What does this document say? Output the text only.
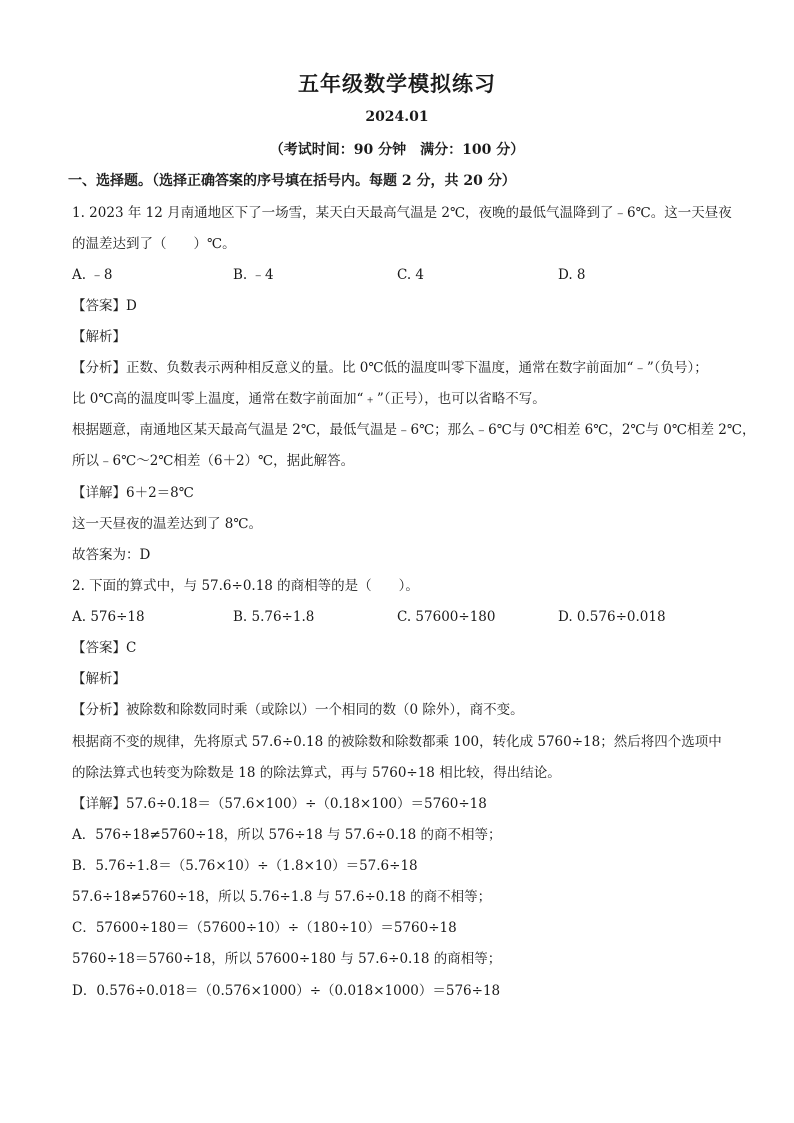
五年级数学模拟练习
2024.01
（考试时间：90 分钟 满分：100 分）
一、选择题。（选择正确答案的序号填在括号内。每题 2 分，共 20 分）
1. 2023 年 12 月南通地区下了一场雪，某天白天最高气温是 2℃，夜晚的最低气温降到了﹣6℃。这一天昼夜
的温差达到了（　　）℃。
A. ﹣8	B. ﹣4	C. 4	D. 8
【答案】D
【解析】
【分析】正数、负数表示两种相反意义的量。比 0℃低的温度叫零下温度，通常在数字前面加“﹣”（负号）；
比 0℃高的温度叫零上温度，通常在数字前面加“﹢”（正号），也可以省略不写。
根据题意，南通地区某天最高气温是 2℃，最低气温是﹣6℃；那么﹣6℃与 0℃相差 6℃，2℃与 0℃相差 2℃，
所以﹣6℃～2℃相差（6＋2）℃，据此解答。
【详解】6＋2＝8℃
这一天昼夜的温差达到了 8℃。
故答案为：D
2. 下面的算式中，与 57.6÷0.18 的商相等的是（　　）。
A. 576÷18	B. 5.76÷1.8	C. 57600÷180	D. 0.576÷0.018
【答案】C
【解析】
【分析】被除数和除数同时乘（或除以）一个相同的数（0 除外），商不变。
根据商不变的规律，先将原式 57.6÷0.18 的被除数和除数都乘 100，转化成 5760÷18；然后将四个选项中
的除法算式也转变为除数是 18 的除法算式，再与 5760÷18 相比较，得出结论。
【详解】57.6÷0.18＝（57.6×100）÷（0.18×100）＝5760÷18
A．576÷18≠5760÷18，所以 576÷18 与 57.6÷0.18 的商不相等；
B．5.76÷1.8＝（5.76×10）÷（1.8×10）＝57.6÷18
57.6÷18≠5760÷18，所以 5.76÷1.8 与 57.6÷0.18 的商不相等；
C．57600÷180＝（57600÷10）÷（180÷10）＝5760÷18
5760÷18＝5760÷18，所以 57600÷180 与 57.6÷0.18 的商相等；
D．0.576÷0.018＝（0.576×1000）÷（0.018×1000）＝576÷18
